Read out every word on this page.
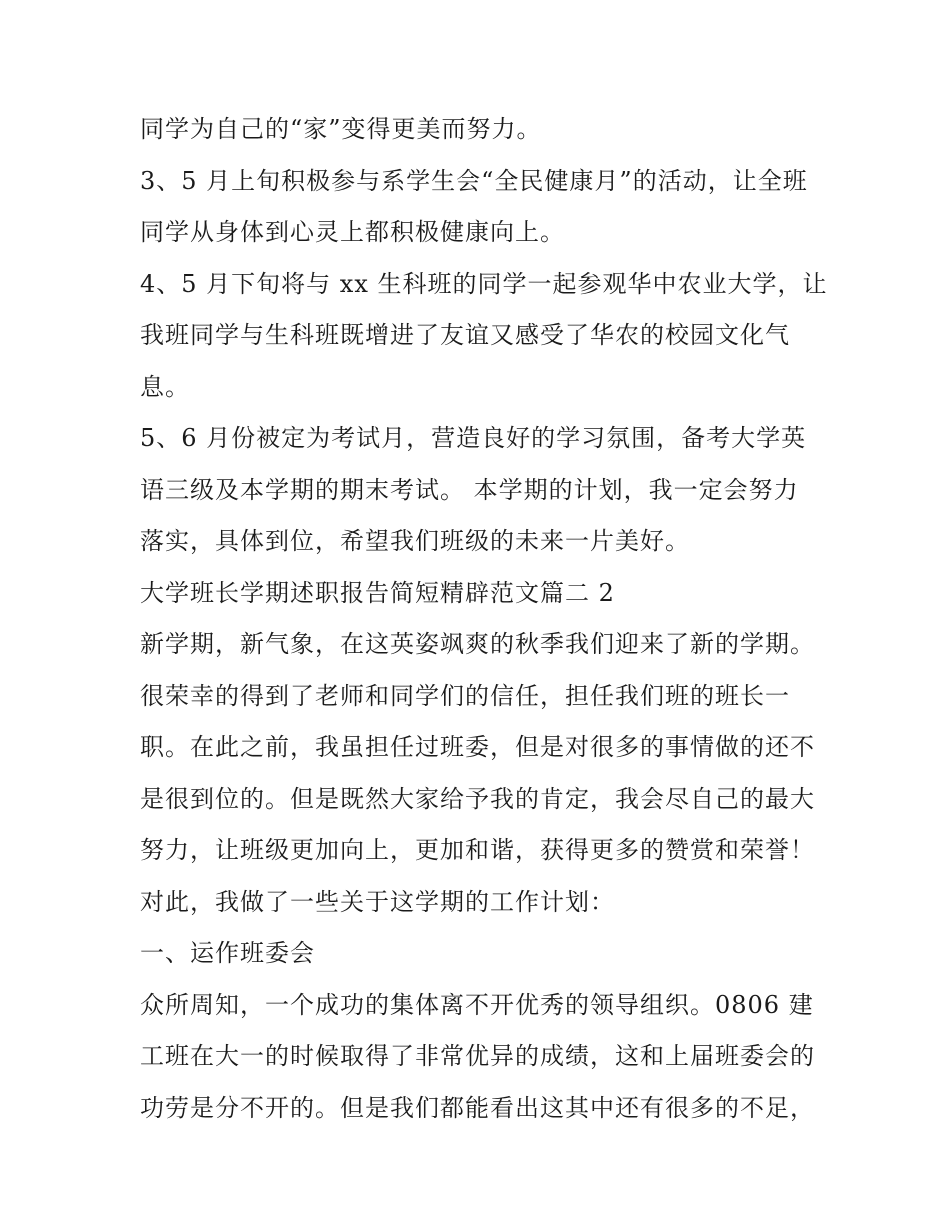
同学为自己的“家”变得更美而努力。
3、5 月上旬积极参与系学生会“全民健康月”的活动，让全班
同学从身体到心灵上都积极健康向上。
4、5 月下旬将与 xx 生科班的同学一起参观华中农业大学，让
我班同学与生科班既增进了友谊又感受了华农的校园文化气
息。
5、6 月份被定为考试月，营造良好的学习氛围，备考大学英
语三级及本学期的期末考试。 本学期的计划，我一定会努力
落实，具体到位，希望我们班级的未来一片美好。
大学班长学期述职报告简短精辟范文篇二 2
新学期，新气象，在这英姿飒爽的秋季我们迎来了新的学期。
很荣幸的得到了老师和同学们的信任，担任我们班的班长一
职。在此之前，我虽担任过班委，但是对很多的事情做的还不
是很到位的。但是既然大家给予我的肯定，我会尽自己的最大
努力，让班级更加向上，更加和谐，获得更多的赞赏和荣誉！
对此，我做了一些关于这学期的工作计划：
一、运作班委会
众所周知，一个成功的集体离不开优秀的领导组织。0806 建
工班在大一的时候取得了非常优异的成绩，这和上届班委会的
功劳是分不开的。但是我们都能看出这其中还有很多的不足，
